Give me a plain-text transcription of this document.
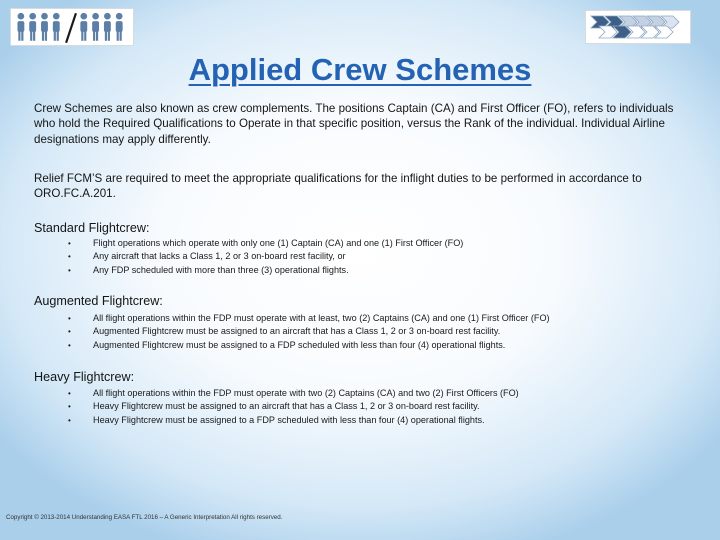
Applied Crew Schemes

Crew Schemes are also known as crew complements. The positions Captain (CA) and First Officer (FO), refers to individuals who hold the Required Qualifications to Operate in that specific position, versus the Rank of the individual. Individual Airline designations may apply differently.

Relief FCM’S are required to meet the appropriate qualifications for the inflight duties to be performed in accordance to ORO.FC.A.201.

Standard Flightcrew:
• Flight operations which operate with only one (1) Captain (CA) and one (1) First Officer (FO)
• Any aircraft that lacks a Class 1, 2 or 3 on-board rest facility, or
• Any FDP scheduled with more than three (3) operational flights.
Augmented Flightcrew:
• All flight operations within the FDP must operate with at least, two (2) Captains (CA) and one (1) First Officer (FO)
• Augmented Flightcrew must be assigned to an aircraft that has a Class 1, 2 or 3 on-board rest facility.
• Augmented Flightcrew must be assigned to a FDP scheduled with less than four (4) operational flights.
Heavy Flightcrew:
• All flight operations within the FDP must operate with two (2) Captains (CA) and two (2) First Officers (FO)
• Heavy Flightcrew must be assigned to an aircraft that has a Class 1, 2 or 3 on-board rest facility.
• Heavy Flightcrew must be assigned to a FDP scheduled with less than four (4) operational flights.
Copyright © 2013-2014 Understanding EASA FTL 2016 – A Generic Interpretation All rights reserved.
